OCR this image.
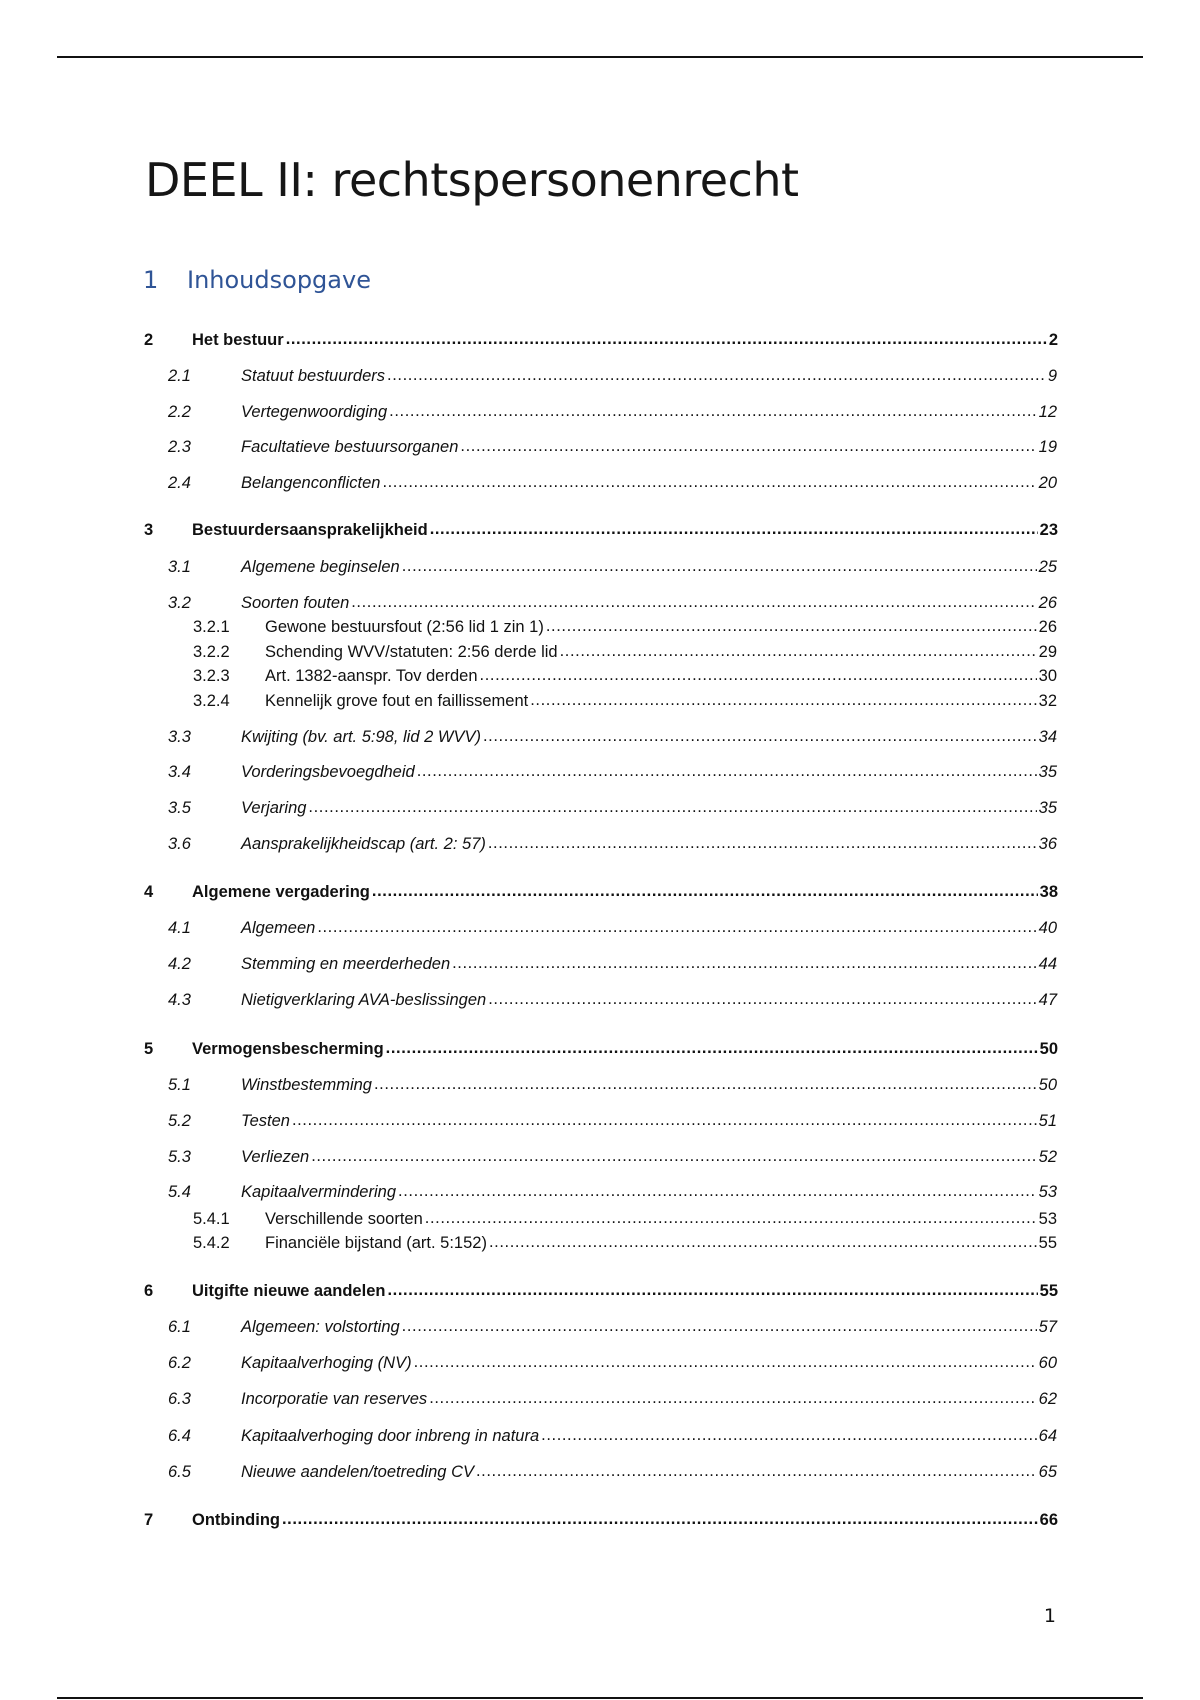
DEEL II: rechtspersonenrecht
1 Inhoudsopgave
2 Het bestuur .....	2
2.1	Statuut bestuurders .....	9
2.2	Vertegenwoordiging .....	12
2.3	Facultatieve bestuursorganen .....	19
2.4	Belangenconflicten .....	20
3 Bestuurdersaansprakelijkheid .....	23
3.1	Algemene beginselen .....	25
3.2	Soorten fouten .....	26
3.2.1 Gewone bestuursfout (2:56 lid 1 zin 1) .....	26
3.2.2 Schending WVV/statuten: 2:56 derde lid .....	29
3.2.3 Art. 1382-aanspr. Tov derden .....	30
3.2.4 Kennelijk grove fout en faillissement .....	32
3.3	Kwijting (bv. art. 5:98, lid 2 WVV) .....	34
3.4	Vorderingsbevoegdheid .....	35
3.5	Verjaring .....	35
3.6	Aansprakelijkheidscap (art. 2: 57) .....	36
4 Algemene vergadering .....	38
4.1	Algemeen .....	40
4.2	Stemming en meerderheden .....	44
4.3	Nietigverklaring AVA-beslissingen .....	47
5 Vermogensbescherming .....	50
5.1	Winstbestemming .....	50
5.2	Testen .....	51
5.3	Verliezen .....	52
5.4	Kapitaalvermindering .....	53
5.4.1 Verschillende soorten .....	53
5.4.2 Financiële bijstand (art. 5:152) .....	55
6 Uitgifte nieuwe aandelen .....	55
6.1	Algemeen: volstorting .....	57
6.2	Kapitaalverhoging (NV) .....	60
6.3	Incorporatie van reserves .....	62
6.4	Kapitaalverhoging door inbreng in natura .....	64
6.5	Nieuwe aandelen/toetreding CV .....	65
7 Ontbinding .....	66
1
